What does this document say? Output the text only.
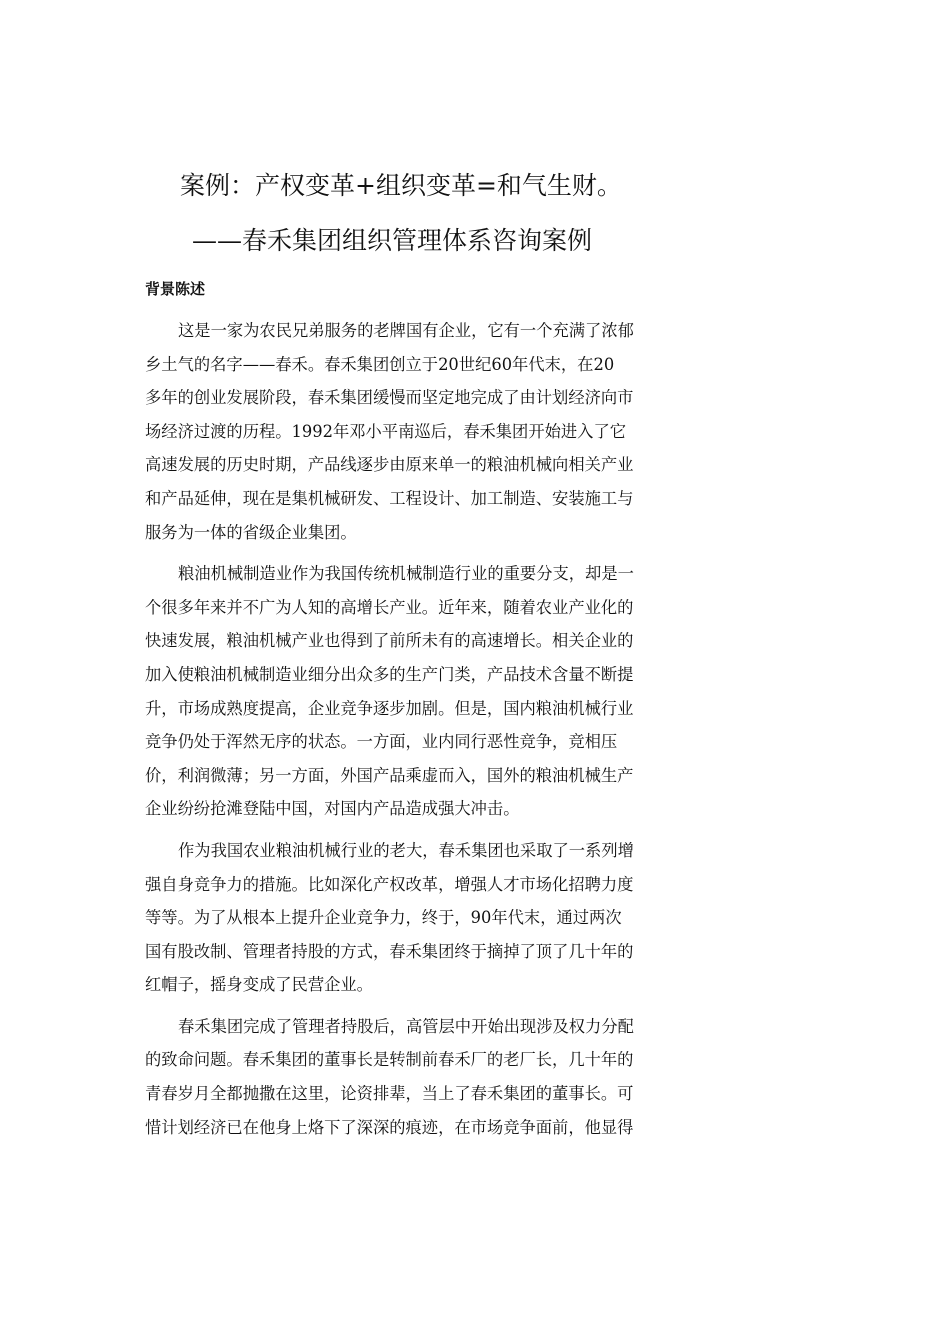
案例：产权变革+组织变革=和气生财。
——春禾集团组织管理体系咨询案例
背景陈述
这是一家为农民兄弟服务的老牌国有企业，它有一个充满了浓郁
乡土气的名字——春禾。春禾集团创立于20世纪60年代末，在20
多年的创业发展阶段，春禾集团缓慢而坚定地完成了由计划经济向市
场经济过渡的历程。1992年邓小平南巡后，春禾集团开始进入了它
高速发展的历史时期，产品线逐步由原来单一的粮油机械向相关产业
和产品延伸，现在是集机械研发、工程设计、加工制造、安装施工与
服务为一体的省级企业集团。
粮油机械制造业作为我国传统机械制造行业的重要分支，却是一
个很多年来并不广为人知的高增长产业。近年来，随着农业产业化的
快速发展，粮油机械产业也得到了前所未有的高速增长。相关企业的
加入使粮油机械制造业细分出众多的生产门类，产品技术含量不断提
升，市场成熟度提高，企业竞争逐步加剧。但是，国内粮油机械行业
竞争仍处于浑然无序的状态。一方面，业内同行恶性竞争，竞相压
价，利润微薄；另一方面，外国产品乘虚而入，国外的粮油机械生产
企业纷纷抢滩登陆中国，对国内产品造成强大冲击。
作为我国农业粮油机械行业的老大，春禾集团也采取了一系列增
强自身竞争力的措施。比如深化产权改革，增强人才市场化招聘力度
等等。为了从根本上提升企业竞争力，终于，90年代末，通过两次
国有股改制、管理者持股的方式，春禾集团终于摘掉了顶了几十年的
红帽子，摇身变成了民营企业。
春禾集团完成了管理者持股后，高管层中开始出现涉及权力分配
的致命问题。春禾集团的董事长是转制前春禾厂的老厂长，几十年的
青春岁月全都抛撒在这里，论资排辈，当上了春禾集团的董事长。可
惜计划经济已在他身上烙下了深深的痕迹，在市场竞争面前，他显得
